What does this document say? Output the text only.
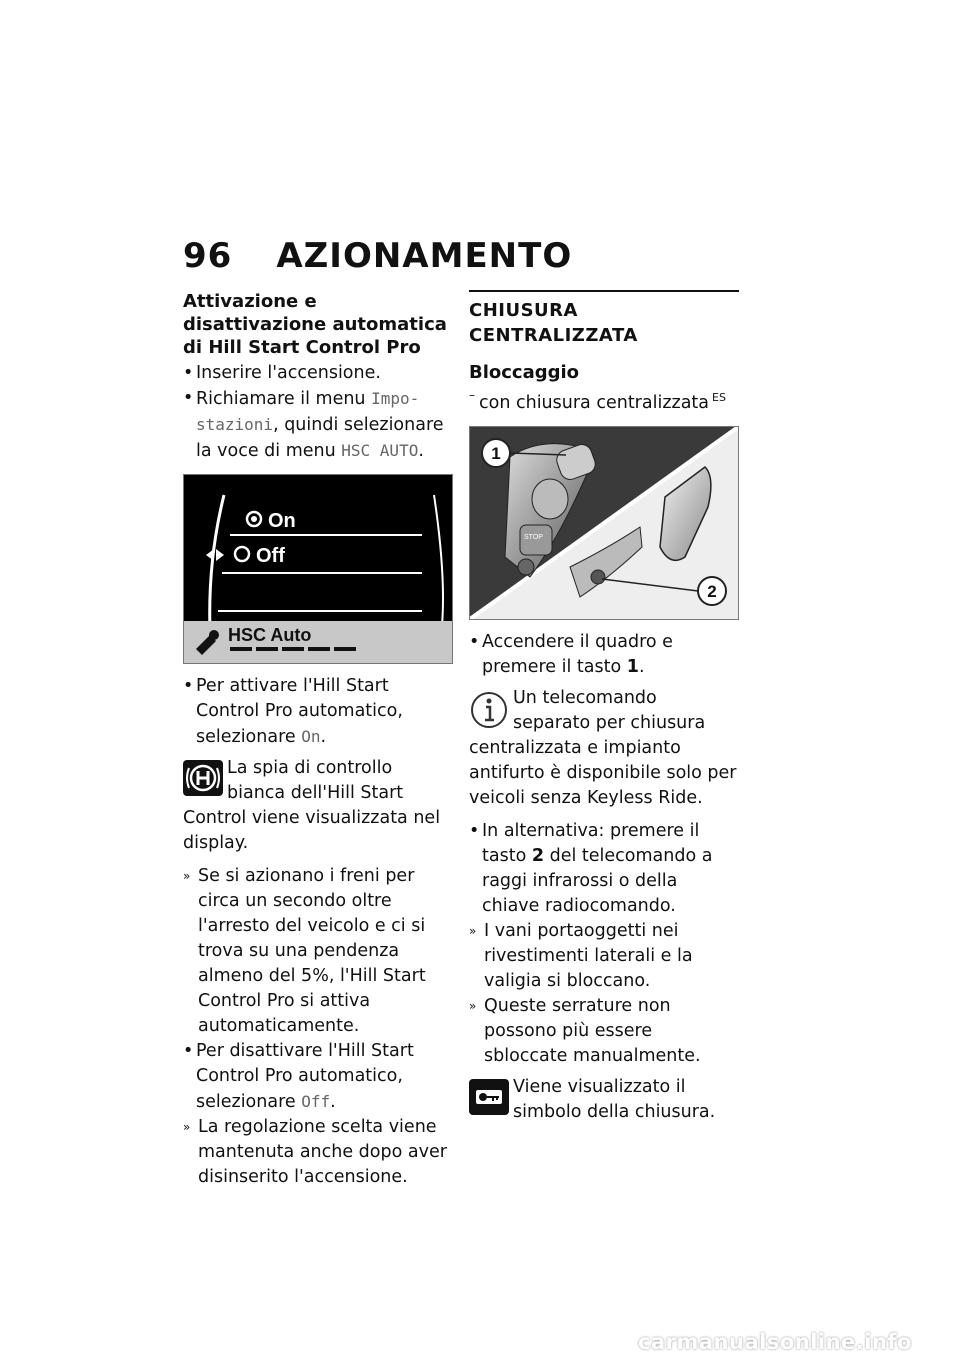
96 AZIONAMENTO
Attivazione e disattivazione automatica di Hill Start Control Pro
• Inserire l'accensione.
• Richiamare il menu Impo-stazioni, quindi selezionare la voce di menu HSC AUTO.
On
Off
HSC Auto
• Per attivare l'Hill Start Control Pro automatico, selezionare On.
La spia di controllo bianca dell'Hill Start Control viene visualizzata nel display.
» Se si azionano i freni per circa un secondo oltre l'arresto del veicolo e ci si trova su una pendenza almeno del 5%, l'Hill Start Control Pro si attiva automaticamente.
• Per disattivare l'Hill Start Control Pro automatico, selezionare Off.
» La regolazione scelta viene mantenuta anche dopo aver disinserito l'accensione.
CHIUSURA CENTRALIZZATA
Bloccaggio
– con chiusura centralizzata $^{ES}$
STOP
1
2
• Accendere il quadro e premere il tasto 1.
Un telecomando separato per chiusura centralizzata e impianto antifurto è disponibile solo per veicoli senza Keyless Ride.
• In alternativa: premere il tasto 2 del telecomando a raggi infrarossi o della chiave radiocomando.
» I vani portaoggetti nei rivestimenti laterali e la valigia si bloccano.
» Queste serrature non possono più essere sbloccate manualmente.
Viene visualizzato il simbolo della chiusura.
carmanualsonline.info
